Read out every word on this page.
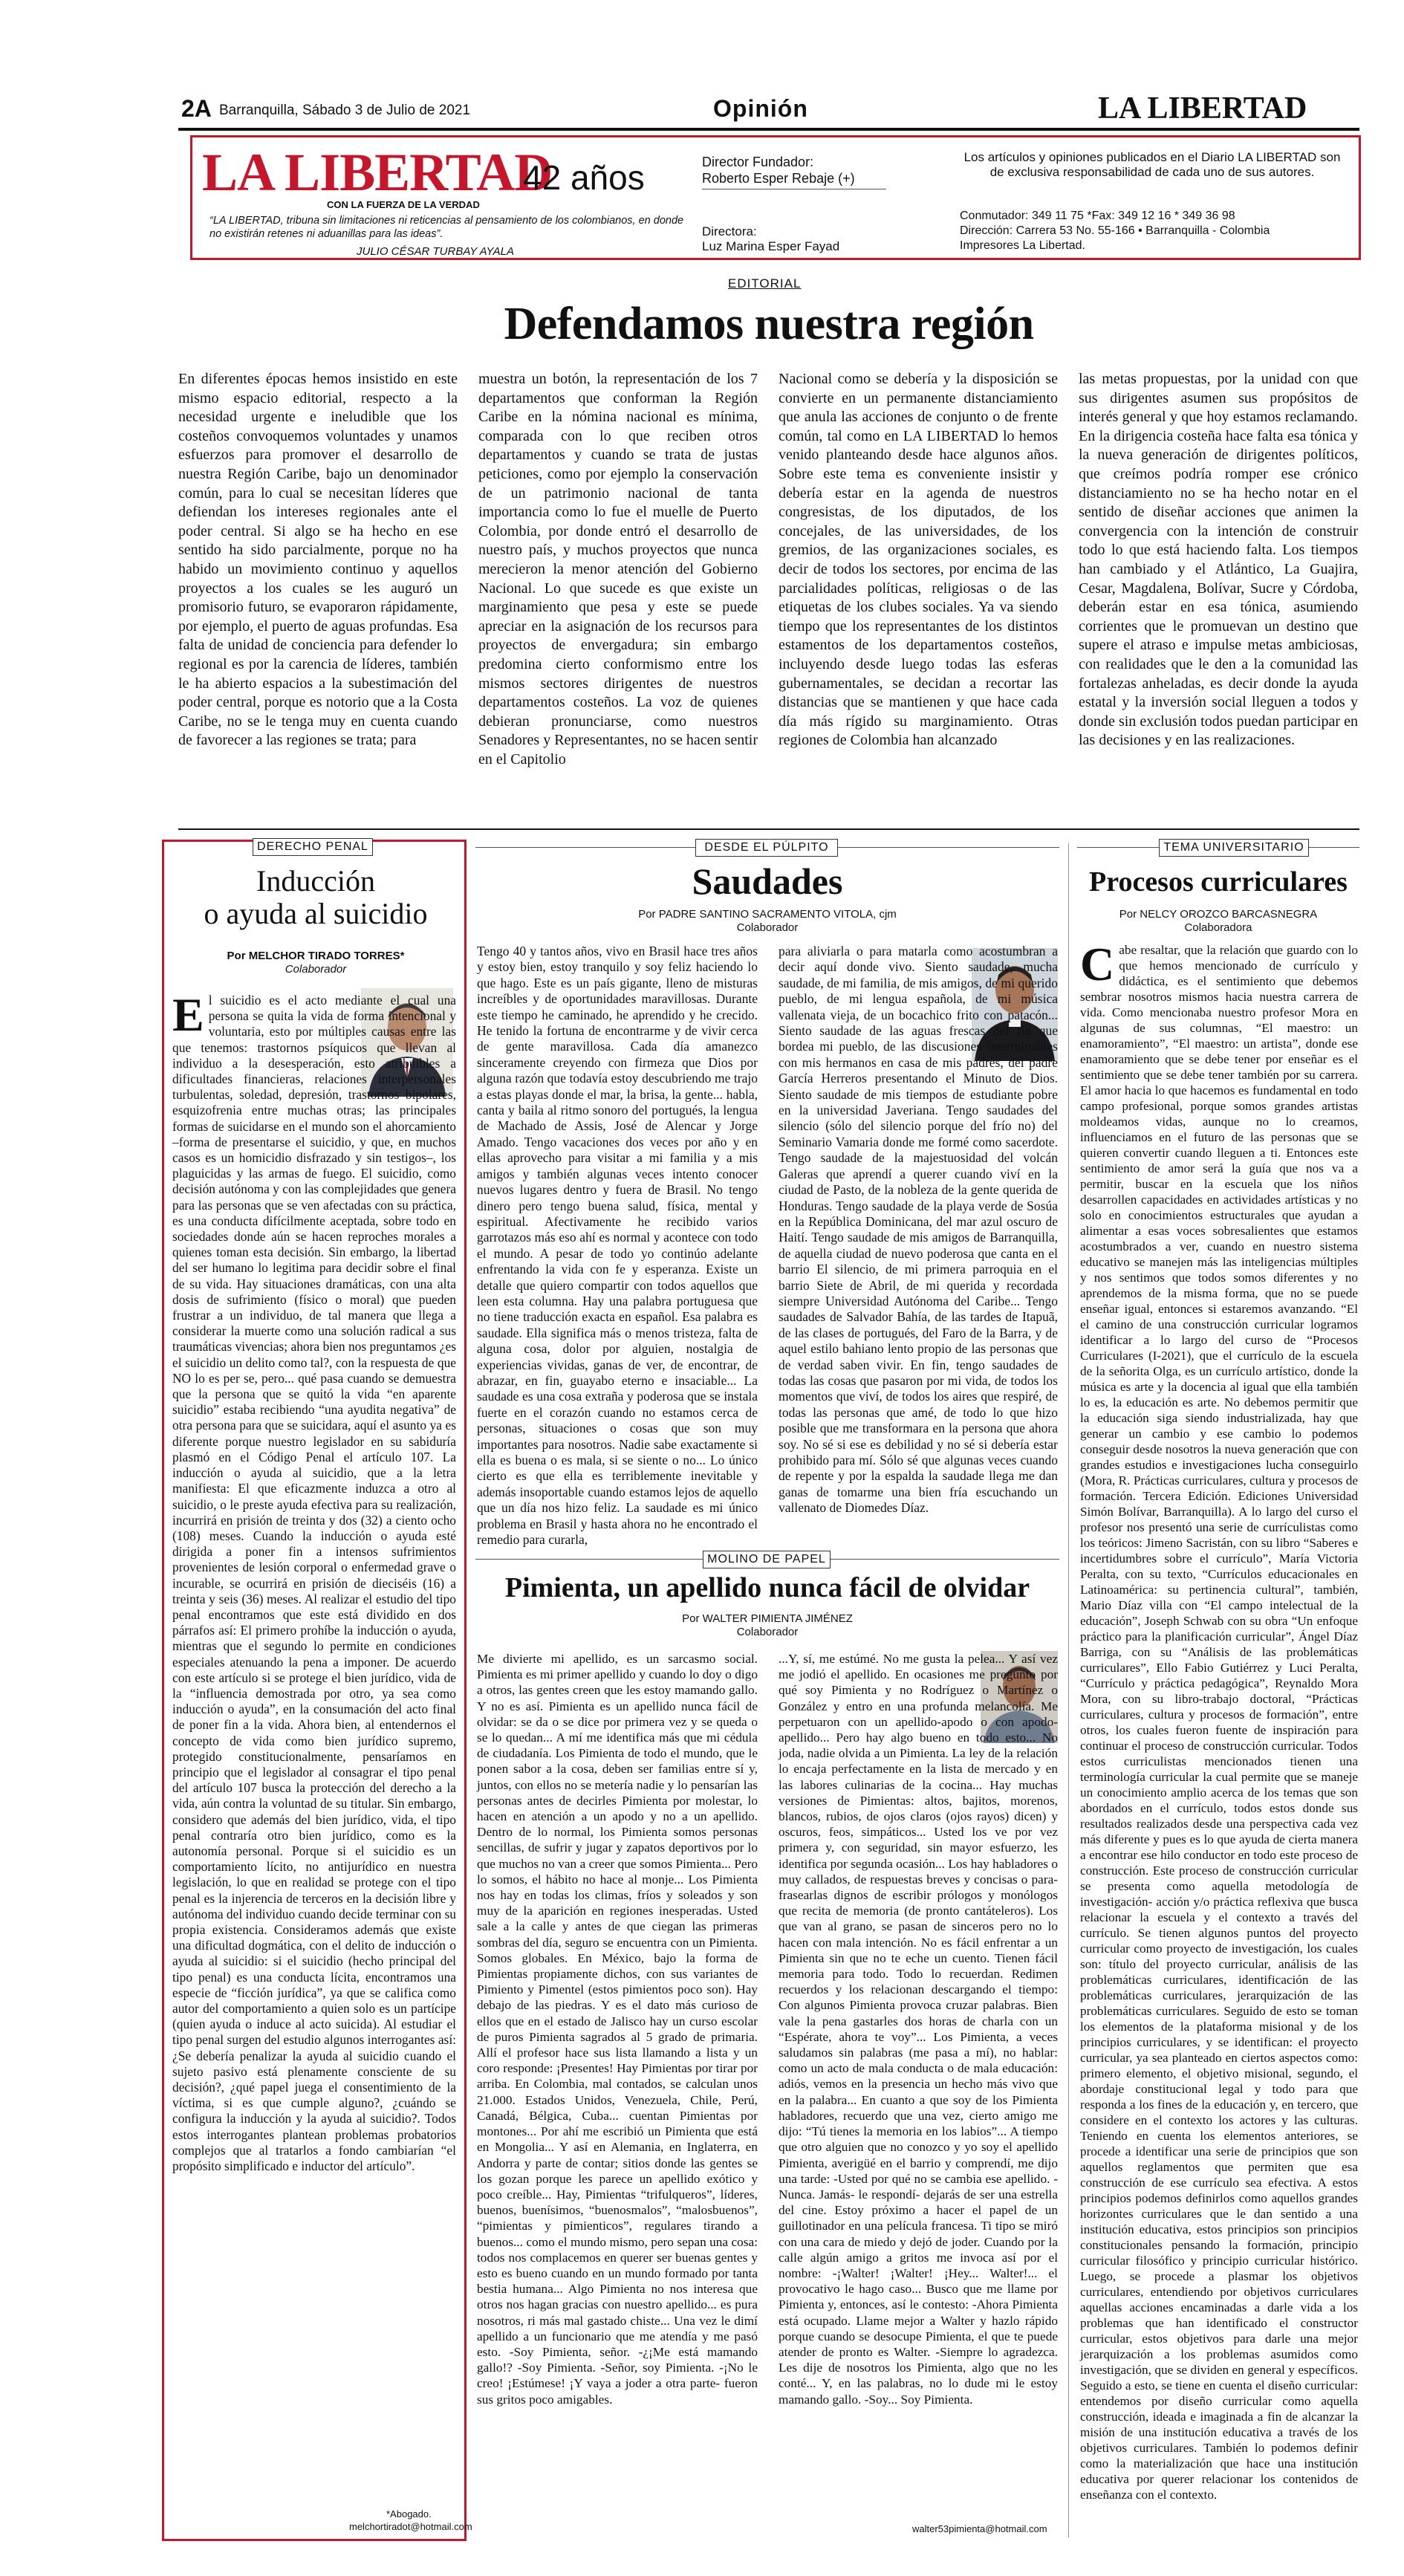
2A Barranquilla, Sábado 3 de Julio de 2021	Opinión	LA LIBERTAD
LA LIBERTAD
CON LA FUERZA DE LA VERDAD
42 años
“LA LIBERTAD, tribuna sin limitaciones ni reticencias al pensamiento de los colombianos, en donde no existirán retenes ni aduanillas para las ideas”.
JULIO CÉSAR TURBAY AYALA
Director Fundador:
Roberto Esper Rebaje (+)
Directora:
Luz Marina Esper Fayad
Los artículos y opiniones publicados en el Diario LA LIBERTAD son de exclusiva responsabilidad de cada uno de sus autores.
Conmutador: 349 11 75 *Fax: 349 12 16 * 349 36 98
Dirección: Carrera 53 No. 55-166 • Barranquilla - Colombia
Impresores La Libertad.
EDITORIAL
Defendamos nuestra región
En diferentes épocas hemos insistido en este mismo espacio editorial, respecto a la necesidad urgente e ineludible que los costeños convoquemos voluntades y unamos esfuerzos para promover el desarrollo de nuestra Región Caribe, bajo un denominador común, para lo cual se necesitan líderes que defiendan los intereses regionales ante el poder central. Si algo se ha hecho en ese sentido ha sido parcialmente, porque no ha habido un movimiento continuo y aquellos proyectos a los cuales se les auguró un promisorio futuro, se evaporaron rápidamente, por ejemplo, el puerto de aguas profundas. Esa falta de unidad de conciencia para defender lo regional es por la carencia de líderes, también le ha abierto espacios a la subestimación del poder central, porque es notorio que a la Costa Caribe, no se le tenga muy en cuenta cuando de favorecer a las regiones se trata; para
muestra un botón, la representación de los 7 departamentos que conforman la Región Caribe en la nómina nacional es mínima, comparada con lo que reciben otros departamentos y cuando se trata de justas peticiones, como por ejemplo la conservación de un patrimonio nacional de tanta importancia como lo fue el muelle de Puerto Colombia, por donde entró el desarrollo de nuestro país, y muchos proyectos que nunca merecieron la menor atención del Gobierno Nacional. Lo que sucede es que existe un marginamiento que pesa y este se puede apreciar en la asignación de los recursos para proyectos de envergadura; sin embargo predomina cierto conformismo entre los mismos sectores dirigentes de nuestros departamentos costeños. La voz de quienes debieran pronunciarse, como nuestros Senadores y Representantes, no se hacen sentir en el Capitolio
Nacional como se debería y la disposición se convierte en un permanente distanciamiento que anula las acciones de conjunto o de frente común, tal como en LA LIBERTAD lo hemos venido planteando desde hace algunos años. Sobre este tema es conveniente insistir y debería estar en la agenda de nuestros congresistas, de los diputados, de los concejales, de las universidades, de los gremios, de las organizaciones sociales, es decir de todos los sectores, por encima de las parcialidades políticas, religiosas o de las etiquetas de los clubes sociales. Ya va siendo tiempo que los representantes de los distintos estamentos de los departamentos costeños, incluyendo desde luego todas las esferas gubernamentales, se decidan a recortar las distancias que se mantienen y que hace cada día más rígido su marginamiento. Otras regiones de Colombia han alcanzado
las metas propuestas, por la unidad con que sus dirigentes asumen sus propósitos de interés general y que hoy estamos reclamando. En la dirigencia costeña hace falta esa tónica y la nueva generación de dirigentes políticos, que creímos podría romper ese crónico distanciamiento no se ha hecho notar en el sentido de diseñar acciones que animen la convergencia con la intención de construir todo lo que está haciendo falta. Los tiempos han cambiado y el Atlántico, La Guajira, Cesar, Magdalena, Bolívar, Sucre y Córdoba, deberán estar en esa tónica, asumiendo corrientes que le promuevan un destino que supere el atraso e impulse metas ambiciosas, con realidades que le den a la comunidad las fortalezas anheladas, es decir donde la ayuda estatal y la inversión social lleguen a todos y donde sin exclusión todos puedan participar en las decisiones y en las realizaciones.
DERECHO PENAL
Inducción
o ayuda al suicidio
Por MELCHOR TIRADO TORRES*
Colaborador
El suicidio es el acto mediante el cual una persona se quita la vida de forma intencional y voluntaria, esto por múltiples causas entre las que tenemos: trastornos psíquicos que llevan al individuo a la desesperación, esto atribuibles a dificultades financieras, relaciones interpersonales turbulentas, soledad, depresión, trastornos bipolares, esquizofrenia entre muchas otras; las principales formas de suicidarse en el mundo son el ahorcamiento –forma de presentarse el suicidio, y que, en muchos casos es un homicidio disfrazado y sin testigos–, los plaguicidas y las armas de fuego. El suicidio, como decisión autónoma y con las complejidades que genera para las personas que se ven afectadas con su práctica, es una conducta difícilmente aceptada, sobre todo en sociedades donde aún se hacen reproches morales a quienes toman esta decisión. Sin embargo, la libertad del ser humano lo legitima para decidir sobre el final de su vida. Hay situaciones dramáticas, con una alta dosis de sufrimiento (físico o moral) que pueden frustrar a un individuo, de tal manera que llega a considerar la muerte como una solución radical a sus traumáticas vivencias; ahora bien nos preguntamos ¿es el suicidio un delito como tal?, con la respuesta de que NO lo es per se, pero... qué pasa cuando se demuestra que la persona que se quitó la vida “en aparente suicidio” estaba recibiendo “una ayudita negativa” de otra persona para que se suicidara, aquí el asunto ya es diferente porque nuestro legislador en su sabiduría plasmó en el Código Penal el artículo 107. La inducción o ayuda al suicidio, que a la letra manifiesta: El que eficazmente induzca a otro al suicidio, o le preste ayuda efectiva para su realización, incurrirá en prisión de treinta y dos (32) a ciento ocho (108) meses. Cuando la inducción o ayuda esté dirigida a poner fin a intensos sufrimientos provenientes de lesión corporal o enfermedad grave o incurable, se ocurrirá en prisión de dieciséis (16) a treinta y seis (36) meses. Al realizar el estudio del tipo penal encontramos que este está dividido en dos párrafos así: El primero prohíbe la inducción o ayuda, mientras que el segundo lo permite en condiciones especiales atenuando la pena a imponer. De acuerdo con este artículo si se protege el bien jurídico, vida de la “influencia demostrada por otro, ya sea como inducción o ayuda”, en la consumación del acto final de poner fin a la vida. Ahora bien, al entendernos el concepto de vida como bien jurídico supremo, protegido constitucionalmente, pensaríamos en principio que el legislador al consagrar el tipo penal del artículo 107 busca la protección del derecho a la vida, aún contra la voluntad de su titular. Sin embargo, considero que además del bien jurídico, vida, el tipo penal contraría otro bien jurídico, como es la autonomía personal. Porque si el suicidio es un comportamiento lícito, no antijurídico en nuestra legislación, lo que en realidad se protege con el tipo penal es la injerencia de terceros en la decisión libre y autónoma del individuo cuando decide terminar con su propia existencia. Consideramos además que existe una dificultad dogmática, con el delito de inducción o ayuda al suicidio: si el suicidio (hecho principal del tipo penal) es una conducta lícita, encontramos una especie de “ficción jurídica”, ya que se califica como autor del comportamiento a quien solo es un partícipe (quien ayuda o induce al acto suicida). Al estudiar el tipo penal surgen del estudio algunos interrogantes así: ¿Se debería penalizar la ayuda al suicidio cuando el sujeto pasivo está plenamente consciente de su decisión?, ¿qué papel juega el consentimiento de la víctima, si es que cumple alguno?, ¿cuándo se configura la inducción y la ayuda al suicidio?. Todos estos interrogantes plantean problemas probatorios complejos que al tratarlos a fondo cambiarían “el propósito simplificado e inductor del artículo”.
*Abogado.
melchortiradot@hotmail.com
DESDE EL PÚLPITO
Saudades
Por PADRE SANTINO SACRAMENTO VITOLA, cjm
Colaborador
Tengo 40 y tantos años, vivo en Brasil hace tres años y estoy bien, estoy tranquilo y soy feliz haciendo lo que hago. Este es un país gigante, lleno de misturas increíbles y de oportunidades maravillosas. Durante este tiempo he caminado, he aprendido y he crecido. He tenido la fortuna de encontrarme y de vivir cerca de gente maravillosa. Cada día amanezco sinceramente creyendo con firmeza que Dios por alguna razón que todavía estoy descubriendo me trajo a estas playas donde el mar, la brisa, la gente... habla, canta y baila al ritmo sonoro del portugués, la lengua de Machado de Assis, José de Alencar y Jorge Amado. Tengo vacaciones dos veces por año y en ellas aprovecho para visitar a mi familia y a mis amigos y también algunas veces intento conocer nuevos lugares dentro y fuera de Brasil. No tengo dinero pero tengo buena salud, física, mental y espiritual. Afectivamente he recibido varios garrotazos más eso ahí es normal y acontece con todo el mundo. A pesar de todo yo continúo adelante enfrentando la vida con fe y esperanza. Existe un detalle que quiero compartir con todos aquellos que leen esta columna. Hay una palabra portuguesa que no tiene traducción exacta en español. Esa palabra es saudade. Ella significa más o menos tristeza, falta de alguna cosa, dolor por alguien, nostalgia de experiencias vividas, ganas de ver, de encontrar, de abrazar, en fin, guayabo eterno e insaciable... La saudade es una cosa extraña y poderosa que se instala fuerte en el corazón cuando no estamos cerca de personas, situaciones o cosas que son muy importantes para nosotros. Nadie sabe exactamente si ella es buena o es mala, si se siente o no... Lo único cierto es que ella es terriblemente inevitable y además insoportable cuando estamos lejos de aquello que un día nos hizo feliz. La saudade es mi único problema en Brasil y hasta ahora no he encontrado el remedio para curarla,
para aliviarla o para matarla como acostumbran a decir aquí donde vivo. Siento saudade, mucha saudade, de mi familia, de mis amigos, de mi querido pueblo, de mi lengua española, de mi música vallenata vieja, de un bocachico frito con patacón... Siento saudade de las aguas frescas del río que bordea mi pueblo, de las discusiones interminables con mis hermanos en casa de mis padres, del padre García Herreros presentando el Minuto de Dios. Siento saudade de mis tiempos de estudiante pobre en la universidad Javeriana. Tengo saudades del silencio (sólo del silencio porque del frío no) del Seminario Vamaria donde me formé como sacerdote. Tengo saudade de la majestuosidad del volcán Galeras que aprendí a querer cuando viví en la ciudad de Pasto, de la nobleza de la gente querida de Honduras. Tengo saudade de la playa verde de Sosúa en la República Dominicana, del mar azul oscuro de Haití. Tengo saudade de mis amigos de Barranquilla, de aquella ciudad de nuevo poderosa que canta en el barrio El silencio, de mi primera parroquia en el barrio Siete de Abril, de mi querida y recordada siempre Universidad Autónoma del Caribe... Tengo saudades de Salvador Bahía, de las tardes de Itapuã, de las clases de portugués, del Faro de la Barra, y de aquel estilo bahiano lento propio de las personas que de verdad saben vivir. En fin, tengo saudades de todas las cosas que pasaron por mi vida, de todos los momentos que viví, de todos los aires que respiré, de todas las personas que amé, de todo lo que hizo posible que me transformara en la persona que ahora soy. No sé si ese es debilidad y no sé si debería estar prohibido para mí. Sólo sé que algunas veces cuando de repente y por la espalda la saudade llega me dan ganas de tomarme una bien fría escuchando un vallenato de Diomedes Díaz.
MOLINO DE PAPEL
Pimienta, un apellido nunca fácil de olvidar
Por WALTER PIMIENTA JIMÉNEZ
Colaborador
Me divierte mi apellido, es un sarcasmo social. Pimienta es mi primer apellido y cuando lo doy o digo a otros, las gentes creen que les estoy mamando gallo. Y no es así. Pimienta es un apellido nunca fácil de olvidar: se da o se dice por primera vez y se queda o se lo quedan... A mí me identifica más que mi cédula de ciudadanía. Los Pimienta de todo el mundo, que le ponen sabor a la cosa, deben ser familias entre sí y, juntos, con ellos no se metería nadie y lo pensarían las personas antes de decirles Pimienta por molestar, lo hacen en atención a un apodo y no a un apellido. Dentro de lo normal, los Pimienta somos personas sencillas, de sufrir y jugar y zapatos deportivos por lo que muchos no van a creer que somos Pimienta... Pero lo somos, el hábito no hace al monje... Los Pimienta nos hay en todas los climas, fríos y soleados y son muy de la aparición en regiones inesperadas. Usted sale a la calle y antes de que ciegan las primeras sombras del día, seguro se encuentra con un Pimienta. Somos globales. En México, bajo la forma de Pimientas propiamente dichos, con sus variantes de Pimiento y Pimentel (estos pimientos poco son). Hay debajo de las piedras. Y es el dato más curioso de ellos que en el estado de Jalisco hay un curso escolar de puros Pimienta sagrados al 5 grado de primaria. Allí el profesor hace sus lista llamando a lista y un coro responde: ¡Presentes! Hay Pimientas por tirar por arriba. En Colombia, mal contados, se calculan unos 21.000. Estados Unidos, Venezuela, Chile, Perú, Canadá, Bélgica, Cuba... cuentan Pimientas por montones... Por ahí me escribió un Pimienta que está en Mongolia... Y así en Alemania, en Inglaterra, en Andorra y parte de contar; sitios donde las gentes se los gozan porque les parece un apellido exótico y poco creíble... Hay, Pimientas “trifulqueros”, líderes, buenos, buenísimos, “buenosmalos”, “malosbuenos”, “pimientas y pimienticos”, regulares tirando a buenos... como el mundo mismo, pero sepan una cosa: todos nos complacemos en querer ser buenas gentes y esto es bueno cuando en un mundo formado por tanta bestia humana... Algo Pimienta no nos interesa que otros nos hagan gracias con nuestro apellido... es pura nosotros, ri más mal gastado chiste... Una vez le dimí apellido a un funcionario que me atendía y me pasó esto. -Soy Pimienta, señor. -¿¡Me está mamando gallo!? -Soy Pimienta. -Señor, soy Pimienta. -¡No le creo! ¡Estúmese! ¡Y vaya a joder a otra parte- fueron sus gritos poco amigables.
...Y, sí, me estúmé. No me gusta la pelea... Y así vez me jodió el apellido. En ocasiones me pregunto por qué soy Pimienta y no Rodríguez o Martínez o González y entro en una profunda melancolía. Me perpetuaron con un apellido-apodo o con apodo-apellido... Pero hay algo bueno en todo esto... No joda, nadie olvida a un Pimienta. La ley de la relación lo encaja perfectamente en la lista de mercado y en las labores culinarias de la cocina... Hay muchas versiones de Pimientas: altos, bajitos, morenos, blancos, rubios, de ojos claros (ojos rayos) dicen) y oscuros, feos, simpáticos... Usted los ve por vez primera y, con seguridad, sin mayor esfuerzo, les identifica por segunda ocasión... Los hay habladores o muy callados, de respuestas breves y concisas o para-frasearlas dignos de escribir prólogos y monólogos que recita de memoria (de pronto cantáteleros). Los que van al grano, se pasan de sinceros pero no lo hacen con mala intención. No es fácil enfrentar a un Pimienta sin que no te eche un cuento. Tienen fácil memoria para todo. Todo lo recuerdan. Redimen recuerdos y los relacionan descargando el tiempo: Con algunos Pimienta provoca cruzar palabras. Bien vale la pena gastarles dos horas de charla con un “Espérate, ahora te voy”... Los Pimienta, a veces saludamos sin palabras (me pasa a mí), no hablar: como un acto de mala conducta o de mala educación: adiós, vemos en la presencia un hecho más vivo que en la palabra... En cuanto a que soy de los Pimienta habladores, recuerdo que una vez, cierto amigo me dijo: “Tú tienes la memoria en los labios”... A tiempo que otro alguien que no conozco y yo soy el apellido Pimienta, averigüé en el barrio y comprendí, me dijo una tarde: -Usted por qué no se cambia ese apellido. -Nunca. Jamás- le respondí- dejarás de ser una estrella del cine. Estoy próximo a hacer el papel de un guillotinador en una película francesa. Ti tipo se miró con una cara de miedo y dejó de joder. Cuando por la calle algún amigo a gritos me invoca así por el nombre: -¡Walter! ¡Walter! ¡Hey... Walter!... el provocativo le hago caso... Busco que me llame por Pimienta y, entonces, así le contesto: -Ahora Pimienta está ocupado. Llame mejor a Walter y hazlo rápido porque cuando se desocupe Pimienta, el que te puede atender de pronto es Walter. -Siempre lo agradezca. Les dije de nosotros los Pimienta, algo que no les conté... Y, en las palabras, no lo dude mi le estoy mamando gallo. -Soy... Soy Pimienta.
walter53pimienta@hotmail.com
TEMA UNIVERSITARIO
Procesos curriculares
Por NELCY OROZCO BARCASNEGRA
Colaboradora
Cabe resaltar, que la relación que guardo con lo que hemos mencionado de currículo y didáctica, es el sentimiento que debemos sembrar nosotros mismos hacia nuestra carrera de vida. Como mencionaba nuestro profesor Mora en algunas de sus columnas, “El maestro: un enamoramiento”, “El maestro: un artista”, donde ese enamoramiento que se debe tener por enseñar es el sentimiento que se debe tener también por su carrera. El amor hacia lo que hacemos es fundamental en todo campo profesional, porque somos grandes artistas moldeamos vidas, aunque no lo creamos, influenciamos en el futuro de las personas que se quieren convertir cuando lleguen a ti. Entonces este sentimiento de amor será la guía que nos va a permitir, buscar en la escuela que los niños desarrollen capacidades en actividades artísticas y no solo en conocimientos estructurales que ayudan a alimentar a esas voces sobresalientes que estamos acostumbrados a ver, cuando en nuestro sistema educativo se manejen más las inteligencias múltiples y nos sentimos que todos somos diferentes y no aprendemos de la misma forma, que no se puede enseñar igual, entonces si estaremos avanzando. “El el camino de una construcción curricular logramos identificar a lo largo del curso de “Procesos Curriculares (I-2021), que el currículo de la escuela de la señorita Olga, es un currículo artístico, donde la música es arte y la docencia al igual que ella también lo es, la educación es arte. No debemos permitir que la educación siga siendo industrializada, hay que generar un cambio y ese cambio lo podemos conseguir desde nosotros la nueva generación que con grandes estudios e investigaciones lucha conseguirlo (Mora, R. Prácticas curriculares, cultura y procesos de formación. Tercera Edición. Ediciones Universidad Simón Bolívar, Barranquilla). A lo largo del curso el profesor nos presentó una serie de currículistas como los teóricos: Jimeno Sacristán, con su libro “Saberes e incertidumbres sobre el currículo”, María Victoria Peralta, con su texto, “Currículos educacionales en Latinoamérica: su pertinencia cultural”, también, Mario Díaz villa con “El campo intelectual de la educación”, Joseph Schwab con su obra “Un enfoque práctico para la planificación curricular”, Ángel Díaz Barriga, con su “Análisis de las problemáticas curriculares”, Ello Fabio Gutiérrez y Luci Peralta, “Currículo y práctica pedagógica”, Reynaldo Mora Mora, con su libro-trabajo doctoral, “Prácticas curriculares, cultura y procesos de formación”, entre otros, los cuales fueron fuente de inspiración para continuar el proceso de construcción curricular. Todos estos curriculistas mencionados tienen una terminología curricular la cual permite que se maneje un conocimiento amplio acerca de los temas que son abordados en el currículo, todos estos donde sus resultados realizados desde una perspectiva cada vez más diferente y pues es lo que ayuda de cierta manera a encontrar ese hilo conductor en todo este proceso de construcción. Este proceso de construcción curricular se presenta como aquella metodología de investigación- acción y/o práctica reflexiva que busca relacionar la escuela y el contexto a través del currículo. Se tienen algunos puntos del proyecto curricular como proyecto de investigación, los cuales son: título del proyecto curricular, análisis de las problemáticas curriculares, identificación de las problemáticas curriculares, jerarquización de las problemáticas curriculares. Seguido de esto se toman los elementos de la plataforma misional y de los principios curriculares, y se identifican: el proyecto curricular, ya sea planteado en ciertos aspectos como: primero elemento, el objetivo misional, segundo, el abordaje constitucional legal y todo para que responda a los fines de la educación y, en tercero, que considere en el contexto los actores y las culturas. Teniendo en cuenta los elementos anteriores, se procede a identificar una serie de principios que son aquellos reglamentos que permiten que esa construcción de ese currículo sea efectiva. A estos principios podemos definirlos como aquellos grandes horizontes curriculares que le dan sentido a una institución educativa, estos principios son principios constitucionales pensando la formación, principio curricular filosófico y principio curricular histórico. Luego, se procede a plasmar los objetivos curriculares, entendiendo por objetivos curriculares aquellas acciones encaminadas a darle vida a los problemas que han identificado el constructor curricular, estos objetivos para darle una mejor jerarquización a los problemas asumidos como investigación, que se dividen en general y específicos. Seguido a esto, se tiene en cuenta el diseño curricular: entendemos por diseño curricular como aquella construcción, ideada e imaginada a fin de alcanzar la misión de una institución educativa a través de los objetivos curriculares. También lo podemos definir como la materialización que hace una institución educativa por querer relacionar los contenidos de enseñanza con el contexto.
